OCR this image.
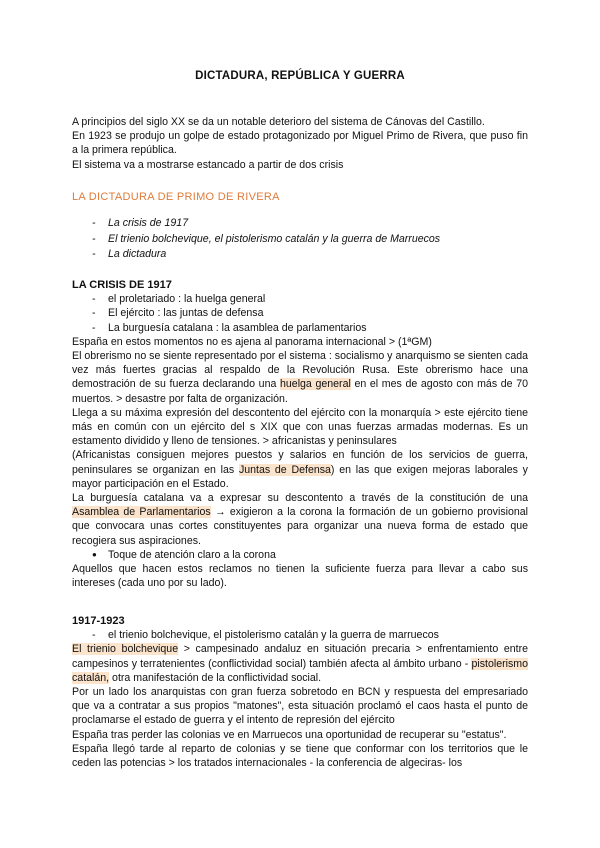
DICTADURA, REPÚBLICA Y GUERRA

A principios del siglo XX se da un notable deterioro del sistema de Cánovas del Castillo.

En 1923 se produjo un golpe de estado protagonizado por Miguel Primo de Rivera, que puso fin a la primera república.

El sistema va a mostrarse estancado a partir de dos crisis

LA DICTADURA DE PRIMO DE RIVERA

- La crisis de 1917
- El trienio bolchevique, el pistolerismo catalán y la guerra de Marruecos
- La dictadura

LA CRISIS DE 1917

- el proletariado : la huelga general
- El ejército : las juntas de defensa
- La burguesía catalana : la asamblea de parlamentarios

España en estos momentos no es ajena al panorama internacional > (1ªGM)

El obrerismo no se siente representado por el sistema : socialismo y anarquismo se sienten cada vez más fuertes gracias al respaldo de la Revolución Rusa. Este obrerismo hace una demostración de su fuerza declarando una huelga general en el mes de agosto con más de 70 muertos. > desastre por falta de organización.

Llega a su máxima expresión del descontento del ejército con la monarquía > este ejército tiene más en común con un ejército del s XIX que con unas fuerzas armadas modernas. Es un estamento dividido y lleno de tensiones. > africanistas y peninsulares

(Africanistas consiguen mejores puestos y salarios en función de los servicios de guerra, peninsulares se organizan en las Juntas de Defensa) en las que exigen mejoras laborales y mayor participación en el Estado.

La burguesía catalana va a expresar su descontento a través de la constitución de una Asamblea de Parlamentarios → exigieron a la corona la formación de un gobierno provisional que convocara unas cortes constituyentes para organizar una nueva forma de estado que recogiera sus aspiraciones.

● Toque de atención claro a la corona

Aquellos que hacen estos reclamos no tienen la suficiente fuerza para llevar a cabo sus intereses (cada uno por su lado).

1917-1923

- el trienio bolchevique, el pistolerismo catalán y la guerra de marruecos

El trienio bolchevique > campesinado andaluz en situación precaria > enfrentamiento entre campesinos y terratenientes (conflictividad social) también afecta al ámbito urbano - pistolerismo catalán, otra manifestación de la conflictividad social.

Por un lado los anarquistas con gran fuerza sobretodo en BCN y respuesta del empresariado que va a contratar a sus propios "matones", esta situación proclamó el caos hasta el punto de proclamarse el estado de guerra y el intento de represión del ejército

España tras perder las colonias ve en Marruecos una oportunidad de recuperar su "estatus".

España llegó tarde al reparto de colonias y se tiene que conformar con los territorios que le ceden las potencias > los tratados internacionales - la conferencia de algeciras- los
